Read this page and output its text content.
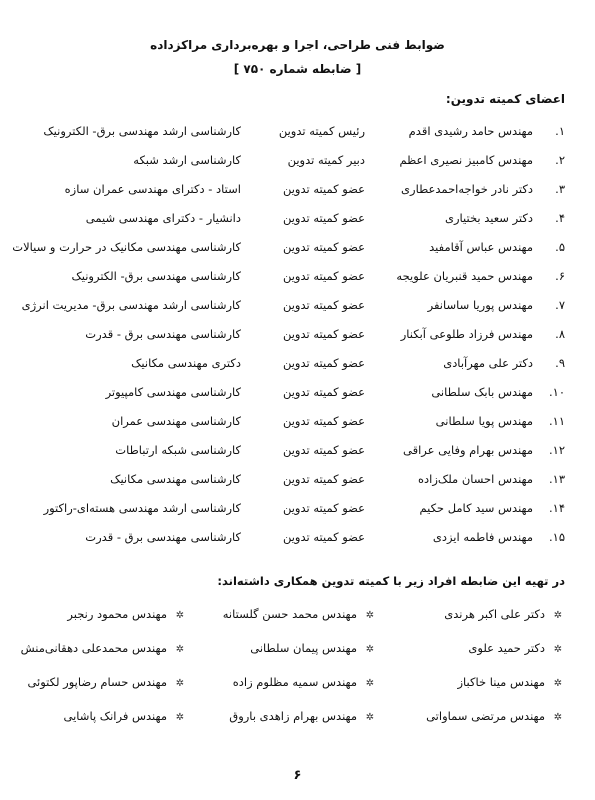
ضوابط فنی طراحی، اجرا و بهره‌برداری مراکزداده
[ ضابطه شماره ۷۵۰ ]
اعضای کمیته تدوین:
۱.
مهندس حامد رشیدی اقدم
رئیس کمیته تدوین
کارشناسی ارشد مهندسی برق- الکترونیک
۲.
مهندس کامبیز نصیری اعظم
دبیر کمیته تدوین
کارشناسی ارشد شبکه
۳.
دکتر نادر خواجه‌احمدعطاری
عضو کمیته تدوین
استاد - دکترای مهندسی عمران سازه
۴.
دکتر سعید بختیاری
عضو کمیته تدوین
دانشیار - دکترای مهندسی شیمی
۵.
مهندس عباس آقامفید
عضو کمیته تدوین
کارشناسی مهندسی مکانیک در حرارت و سیالات
۶.
مهندس حمید قنبریان علویجه
عضو کمیته تدوین
کارشناسی مهندسی برق- الکترونیک
۷.
مهندس پوریا ساسانفر
عضو کمیته تدوین
کارشناسی ارشد مهندسی برق- مدیریت انرژی
۸.
مهندس فرزاد طلوعی آبکنار
عضو کمیته تدوین
کارشناسی مهندسی برق - قدرت
۹.
دکتر علی مهرآبادی
عضو کمیته تدوین
دکتری مهندسی مکانیک
۱۰.
مهندس بابک سلطانی
عضو کمیته تدوین
کارشناسی مهندسی کامپیوتر
۱۱.
مهندس پویا سلطانی
عضو کمیته تدوین
کارشناسی مهندسی عمران
۱۲.
مهندس بهرام وفایی عراقی
عضو کمیته تدوین
کارشناسی شبکه ارتباطات
۱۳.
مهندس احسان ملک‌زاده
عضو کمیته تدوین
کارشناسی مهندسی مکانیک
۱۴.
مهندس سید کامل حکیم
عضو کمیته تدوین
کارشناسی ارشد مهندسی هسته‌ای-راکتور
۱۵.
مهندس فاطمه ایزدی
عضو کمیته تدوین
کارشناسی مهندسی برق - قدرت
در تهیه این ضابطه افراد زیر با کمیته تدوین همکاری داشته‌اند:
✲دکتر علی اکبر هرندی
✲مهندس محمد حسن گلستانه
✲مهندس محمود رنجبر
✲دکتر حمید علوی
✲مهندس پیمان سلطانی
✲مهندس محمدعلی دهقانی‌منش
✲مهندس مینا خاکباز
✲مهندس سمیه مظلوم زاده
✲مهندس حسام رضاپور لکتوئی
✲مهندس مرتضی سماواتی
✲مهندس بهرام زاهدی باروق
✲مهندس فرانک پاشایی
۶
